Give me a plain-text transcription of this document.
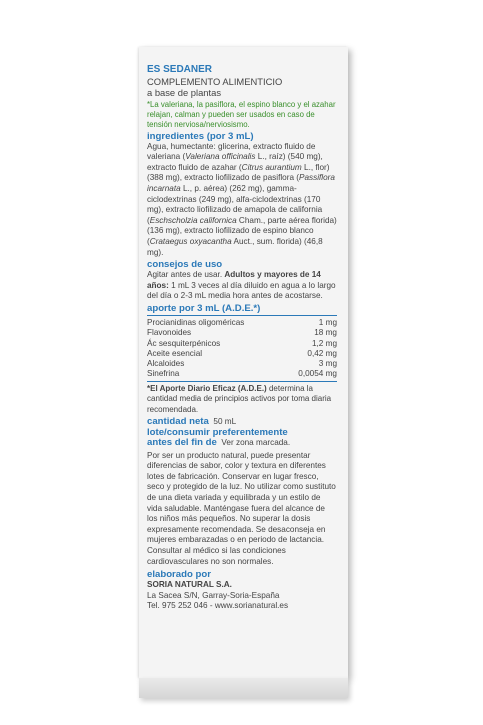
ES SEDANER
COMPLEMENTO ALIMENTICIO
a base de plantas
*La valeriana, la pasiflora, el espino blanco y el azahar relajan, calman y pueden ser usados en caso de tensión nerviosa/nerviosismo.
ingredientes (por 3 mL)
Agua, humectante: glicerina, extracto fluido de valeriana (Valeriana officinalis L., raíz) (540 mg), extracto fluido de azahar (Citrus aurantium L., flor) (388 mg), extracto liofilizado de pasiflora (Passiflora incarnata L., p. aérea) (262 mg), gamma-ciclodextrinas (249 mg), alfa-ciclodextrinas (170 mg), extracto liofilizado de amapola de california (Eschscholzia californica Cham., parte aérea florida) (136 mg), extracto liofilizado de espino blanco (Crataegus oxyacantha Auct., sum. florida) (46,8 mg).
consejos de uso
Agitar antes de usar. Adultos y mayores de 14 años: 1 mL 3 veces al día diluido en agua a lo largo del día o 2-3 mL media hora antes de acostarse.
aporte por 3 mL (A.D.E.*)
Procianidinas oligoméricas	1 mg
Flavonoides	18 mg
Ác sesquiterpénicos	1,2 mg
Aceite esencial	0,42 mg
Alcaloides	3 mg
Sinefrina	0,0054 mg
*El Aporte Diario Eficaz (A.D.E.) determina la cantidad media de principios activos por toma diaria recomendada.
cantidad neta 50 mL
lote/consumir preferentemente
antes del fin de Ver zona marcada.
Por ser un producto natural, puede presentar diferencias de sabor, color y textura en diferentes lotes de fabricación. Conservar en lugar fresco, seco y protegido de la luz. No utilizar como sustituto de una dieta variada y equilibrada y un estilo de vida saludable. Manténgase fuera del alcance de los niños más pequeños. No superar la dosis expresamente recomendada. Se desaconseja en mujeres embarazadas o en periodo de lactancia. Consultar al médico si las condiciones cardiovasculares no son normales.
elaborado por
SORIA NATURAL S.A.
La Sacea S/N, Garray-Soria-España
Tel. 975 252 046 - www.sorianatural.es
